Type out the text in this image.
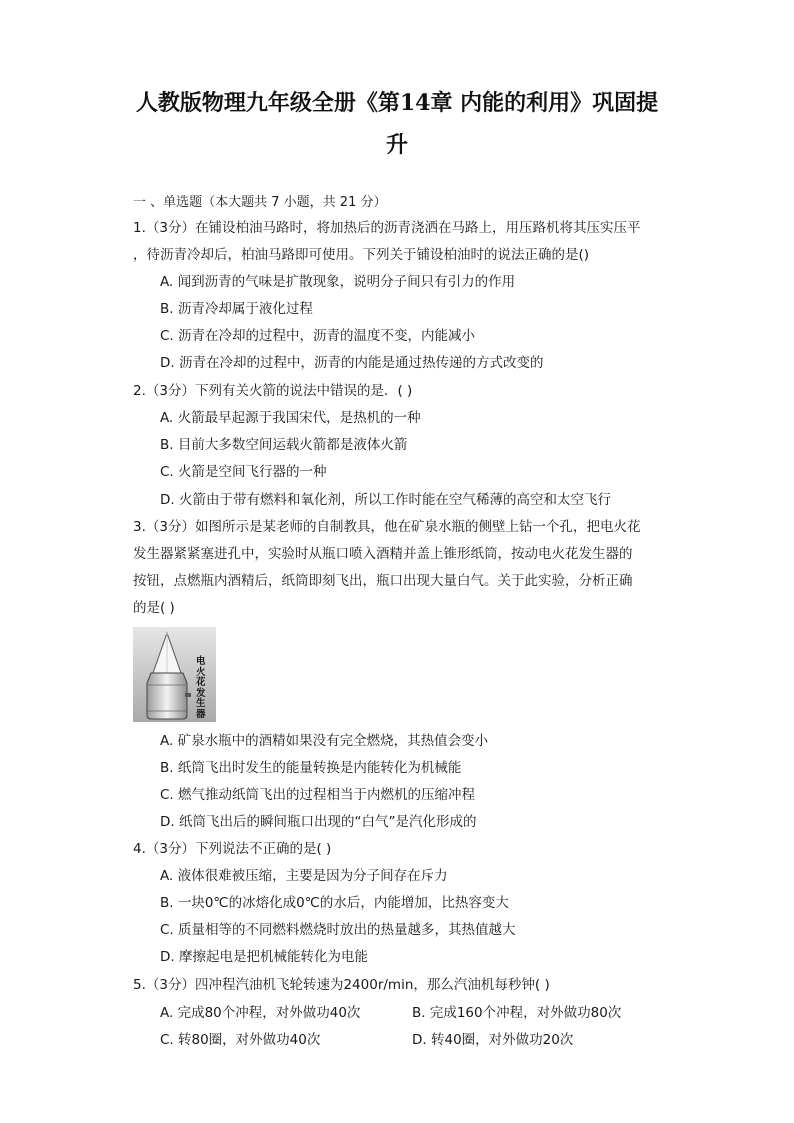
人教版物理九年级全册《第14章 内能的利用》巩固提
升
一 、单选题（本大题共 7 小题，共 21 分）
1.（3分）在铺设柏油马路时，将加热后的沥青浇洒在马路上，用压路机将其压实压平
，待沥青冷却后，柏油马路即可使用。下列关于铺设柏油时的说法正确的是()
A. 闻到沥青的气味是扩散现象，说明分子间只有引力的作用
B. 沥青冷却属于液化过程
C. 沥青在冷却的过程中，沥青的温度不变，内能减小
D. 沥青在冷却的过程中，沥青的内能是通过热传递的方式改变的
2.（3分）下列有关火箭的说法中错误的是．( )
A. 火箭最早起源于我国宋代，是热机的一种
B. 目前大多数空间运载火箭都是液体火箭
C. 火箭是空间飞行器的一种
D. 火箭由于带有燃料和氧化剂，所以工作时能在空气稀薄的高空和太空飞行
3.（3分）如图所示是某老师的自制教具，他在矿泉水瓶的侧壁上钻一个孔，把电火花
发生器紧紧塞进孔中，实验时从瓶口喷入酒精并盖上锥形纸筒，按动电火花发生器的
按钮，点燃瓶内酒精后，纸筒即刻飞出，瓶口出现大量白气。关于此实验，分析正确
的是( )
电火花发生器
A. 矿泉水瓶中的酒精如果没有完全燃烧，其热值会变小
B. 纸筒飞出时发生的能量转换是内能转化为机械能
C. 燃气推动纸筒飞出的过程相当于内燃机的压缩冲程
D. 纸筒飞出后的瞬间瓶口出现的“白气”是汽化形成的
4.（3分）下列说法不正确的是( )
A. 液体很难被压缩，主要是因为分子间存在斥力
B. 一块0℃的冰熔化成0℃的水后，内能增加，比热容变大
C. 质量相等的不同燃料燃烧时放出的热量越多，其热值越大
D. 摩擦起电是把机械能转化为电能
5.（3分）四冲程汽油机飞轮转速为2400r/min，那么汽油机每秒钟( )
A. 完成80个冲程，对外做功40次	B. 完成160个冲程，对外做功80次
C. 转80圈，对外做功40次	D. 转40圈，对外做功20次
